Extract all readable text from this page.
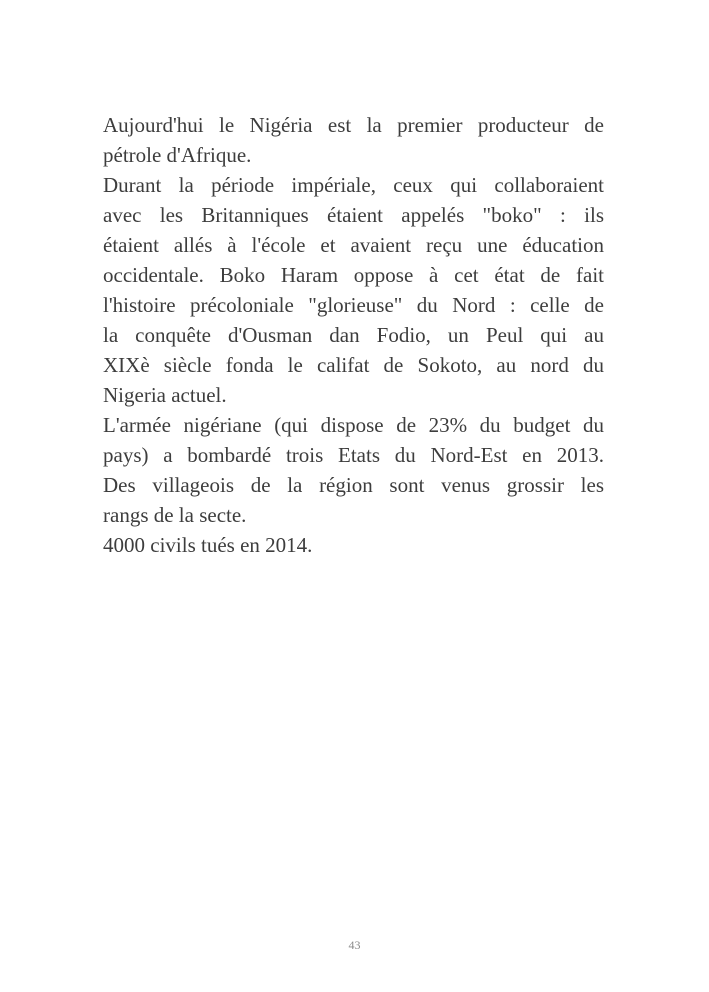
Aujourd'hui le Nigéria est la premier producteur de
pétrole d'Afrique.
Durant la période impériale, ceux qui collaboraient
avec les Britanniques étaient appelés "boko" : ils
étaient allés à l'école et avaient reçu une éducation
occidentale. Boko Haram oppose à cet état de fait
l'histoire précoloniale "glorieuse" du Nord : celle de
la conquête d'Ousman dan Fodio, un Peul qui au
XIXè siècle fonda le califat de Sokoto, au nord du
Nigeria actuel.
L'armée nigériane (qui dispose de 23% du budget du
pays) a bombardé trois Etats du Nord-Est en 2013.
Des villageois de la région sont venus grossir les
rangs de la secte.
4000 civils tués en 2014.
43
